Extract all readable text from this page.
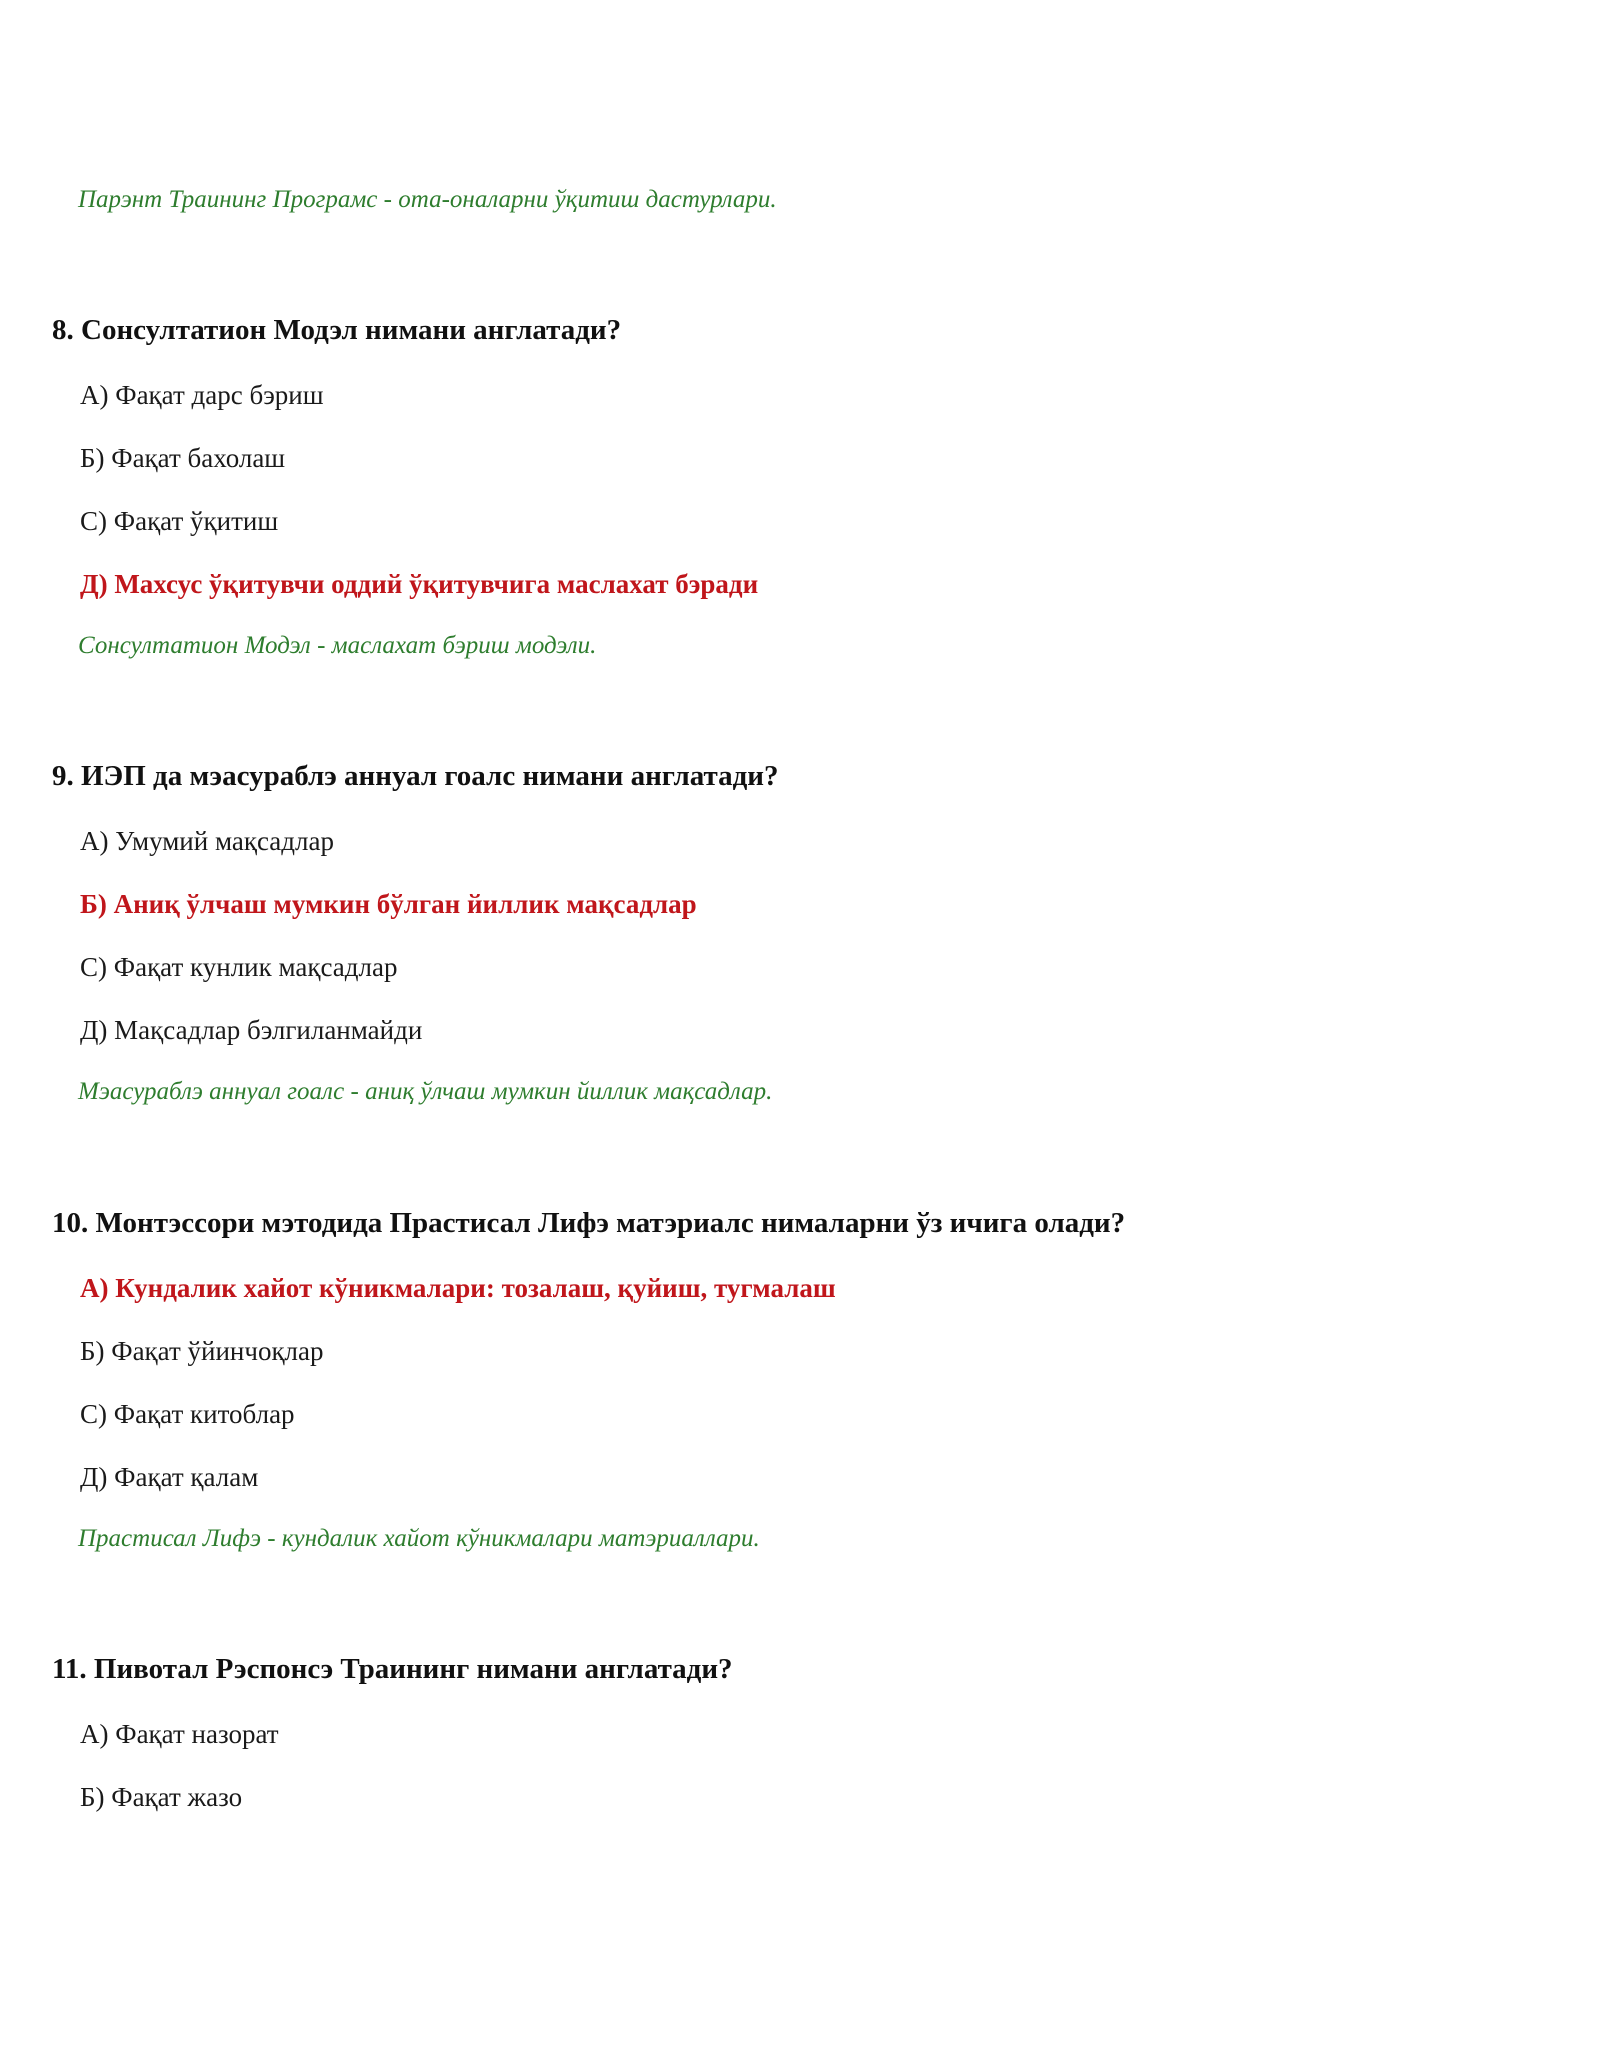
Парэнт Траининг Програмс - ота-оналарни ўқитиш дастурлари.
8. Сонсултатион Модэл нимани англатади?
А) Фақат дарс бэриш
Б) Фақат бахолаш
С) Фақат ўқитиш
Д) Махсус ўқитувчи оддий ўқитувчига маслахат бэради
Сонсултатион Модэл - маслахат бэриш модэли.
9. ИЭП да мэасураблэ аннуал гоалс нимани англатади?
А) Умумий мақсадлар
Б) Аниқ ўлчаш мумкин бўлган йиллик мақсадлар
С) Фақат кунлик мақсадлар
Д) Мақсадлар бэлгиланмайди
Мэасураблэ аннуал гоалс - аниқ ўлчаш мумкин йиллик мақсадлар.
10. Монтэссори мэтодида Прастисал Лифэ матэриалс нималарни ўз ичига олади?
А) Кундалик хайот кўникмалари: тозалаш, қуйиш, тугмалаш
Б) Фақат ўйинчоқлар
С) Фақат китоблар
Д) Фақат қалам
Прастисал Лифэ - кундалик хайот кўникмалари матэриаллари.
11. Пивотал Рэспонсэ Траининг нимани англатади?
А) Фақат назорат
Б) Фақат жазо
